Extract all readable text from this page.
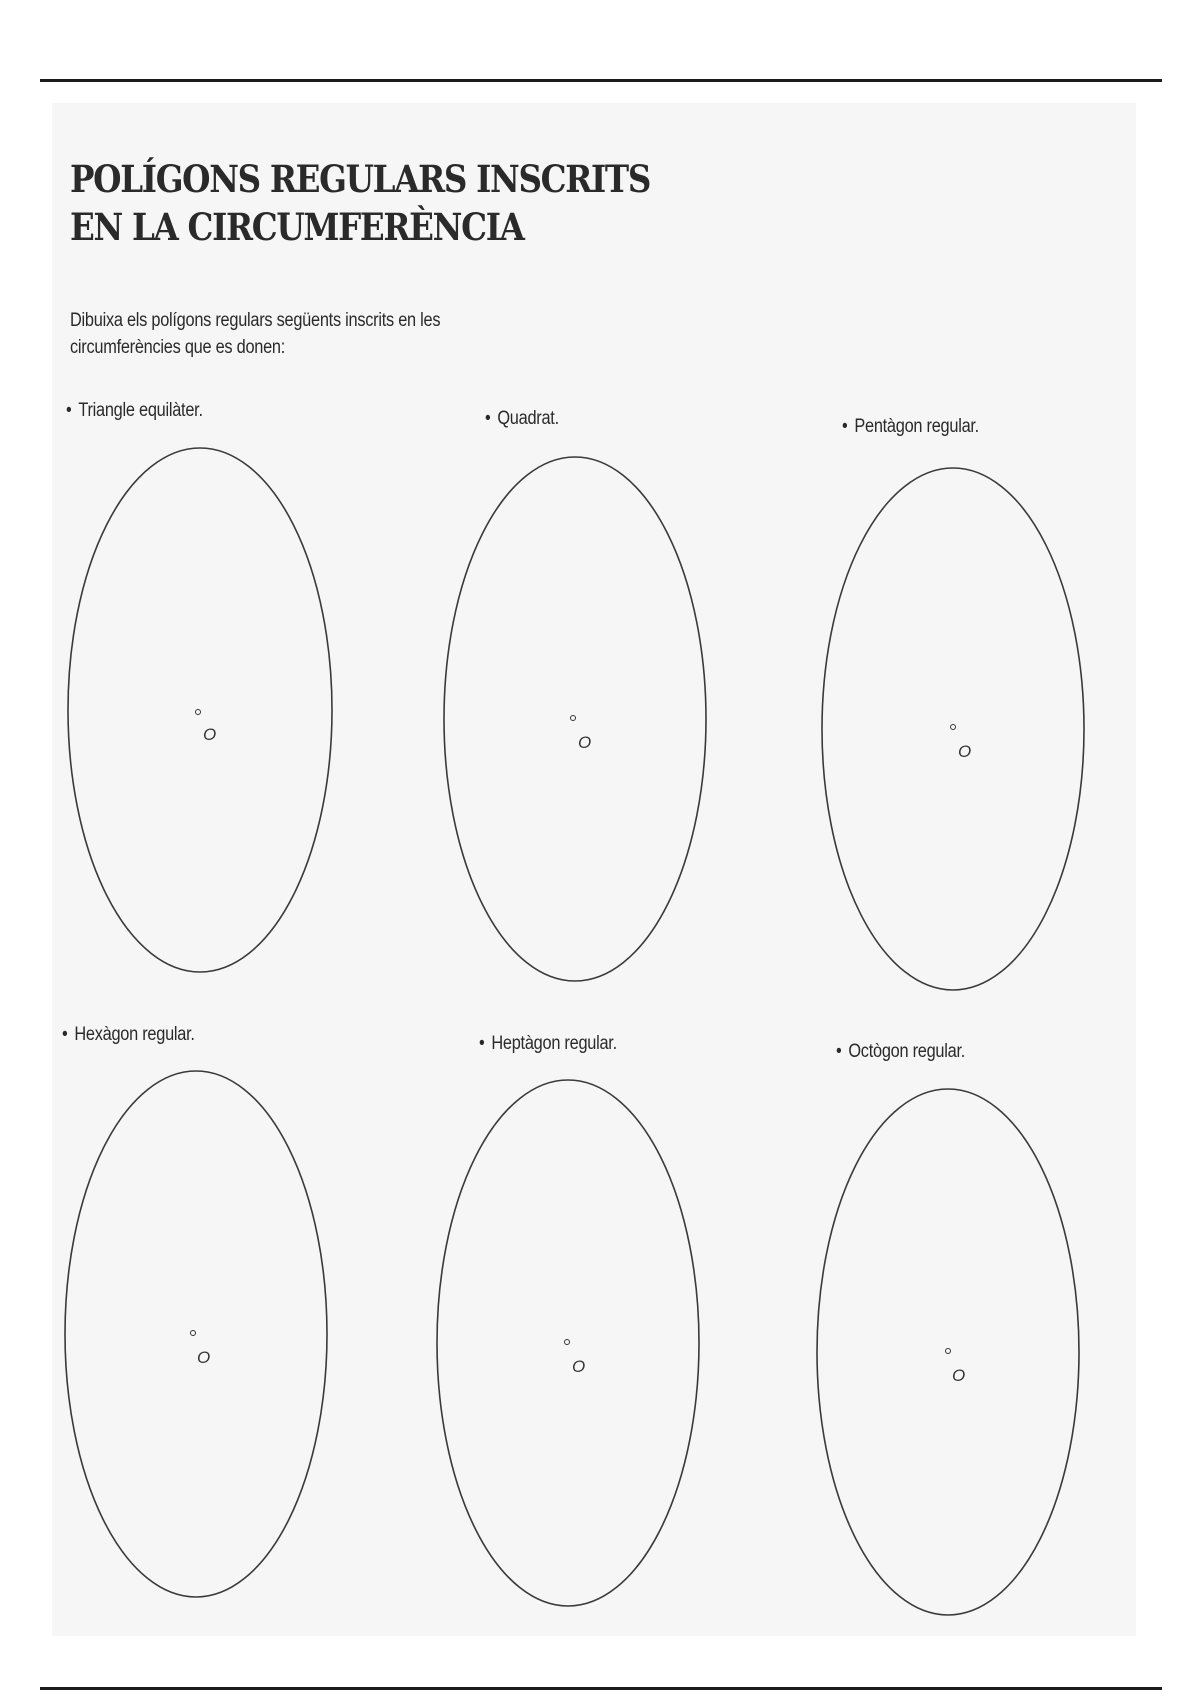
POLÍGONS REGULARS INSCRITS
EN LA CIRCUMFERÈNCIA

Dibuixa els polígons regulars següents inscrits en les circumferències que es donen:

• Triangle equilàter.	• Quadrat.	• Pentàgon regular.

• Hexàgon regular.	• Heptàgon regular.	• Octògon regular.

O	O	O
O	O	O
